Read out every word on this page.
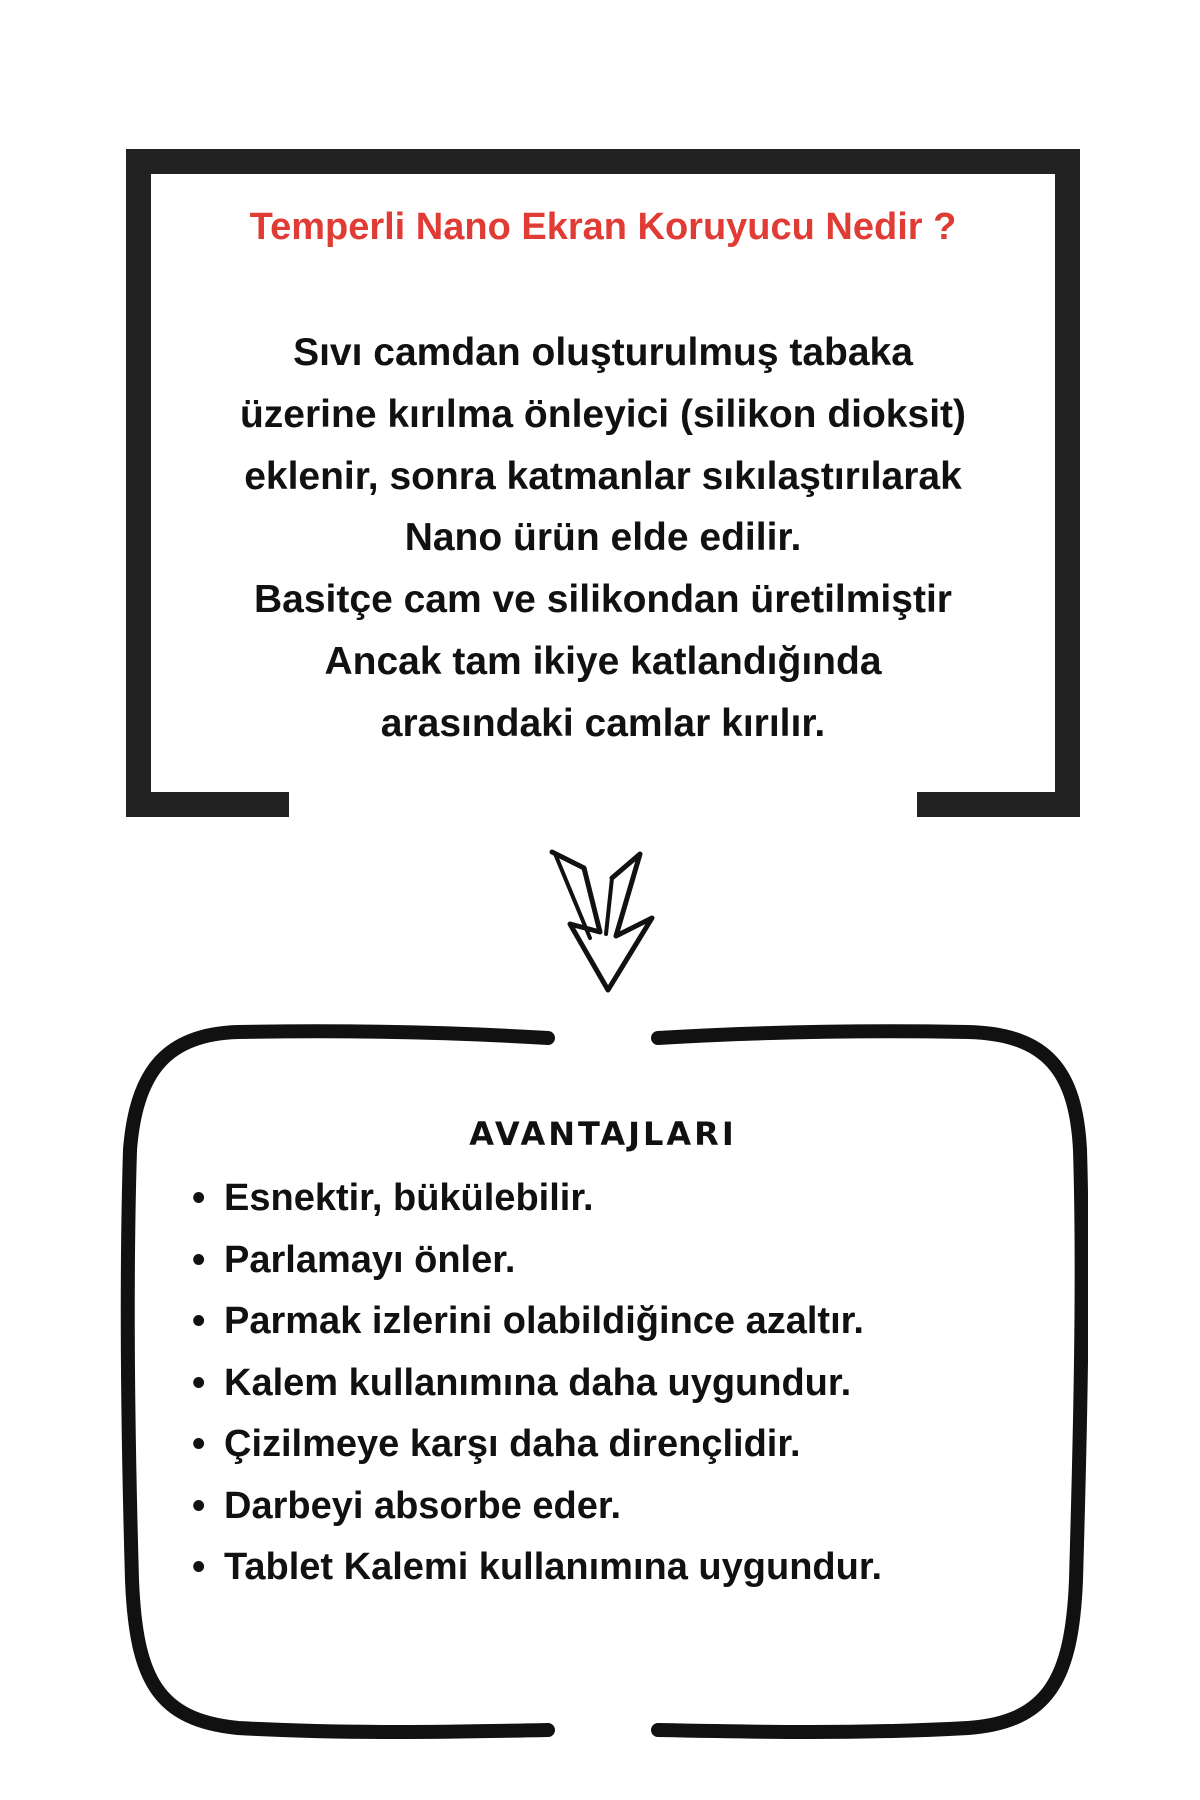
Temperli Nano Ekran Koruyucu Nedir ?

Sıvı camdan oluşturulmuş tabaka
üzerine kırılma önleyici (silikon dioksit)
eklenir, sonra katmanlar sıkılaştırılarak
Nano ürün elde edilir.
Basitçe cam ve silikondan üretilmiştir
Ancak tam ikiye katlandığında
arasındaki camlar kırılır.

AVANTAJLARI
• Esnektir, bükülebilir.
• Parlamayı önler.
• Parmak izlerini olabildiğince azaltır.
• Kalem kullanımına daha uygundur.
• Çizilmeye karşı daha dirençlidir.
• Darbeyi absorbe eder.
• Tablet Kalemi kullanımına uygundur.
